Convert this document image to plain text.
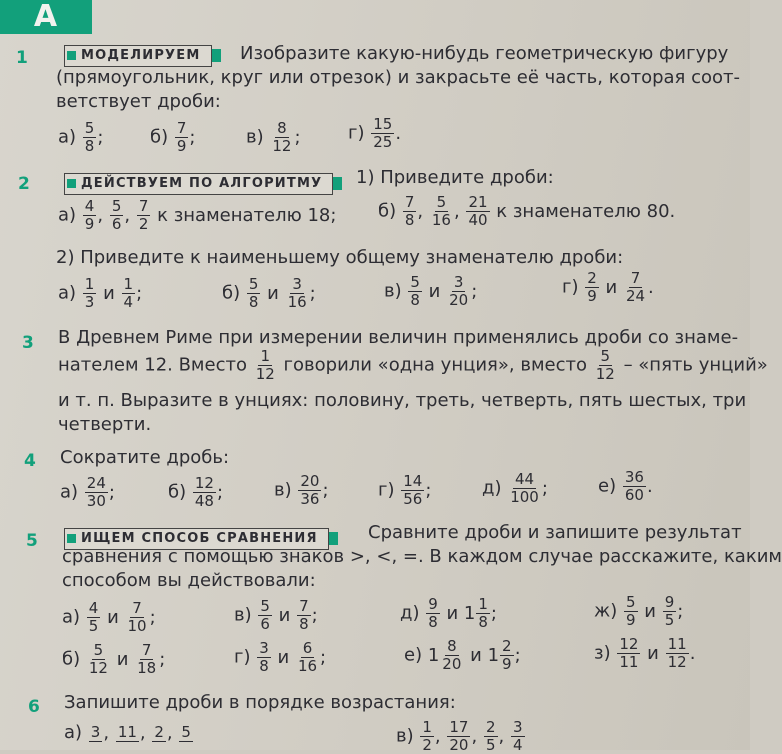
А
1	МОДЕЛИРУЕМ	Изобразите какую-нибудь геометрическую фигуру
(прямоугольник, круг или отрезок) и закрасьте её часть, которая соот-
ветствует дроби:
$а) \frac{5}{8}$ ;	$б) \frac{7}{9}$ ;	$в) \frac{8}{12}$ ;	$г) \frac{15}{25}$ .
2	ДЕЙСТВУЕМ ПО АЛГОРИТМУ	1) Приведите дроби:
$а) \frac{4}{9}$ , $\frac{5}{6}$ , $\frac{7}{2}$ к знаменателю 18; $б) \frac{7}{8}$ , $\frac{5}{16}$ , $\frac{21}{40}$ к знаменателю 80.
2) Приведите к наименьшему общему знаменателю дроби:
$а) \frac{1}{3}$ и $\frac{1}{4}$ ;	$б) \frac{5}{8}$ и $\frac{3}{16}$ ;	$в) \frac{5}{8}$ и $\frac{3}{20}$ ;	$г) \frac{2}{9}$ и $\frac{7}{24}$ .
3 В Древнем Риме при измерении величин применялись дроби со знаме-
нателем 12. Вместо $\frac{1}{12}$ говорили «одна унция», вместо $\frac{5}{12}$ – «пять унций»
и т. п. Выразите в унциях: половину, треть, четверть, пять шестых, три
четверти.
4 Сократите дробь:
$а) \frac{24}{30}$ ;	$б) \frac{12}{48}$ ;	$в) \frac{20}{36}$ ;	$г) \frac{14}{56}$ ;	$д) \frac{44}{100}$ ;	$е) \frac{36}{60}$ .
5	ИЩЕМ СПОСОБ СРАВНЕНИЯ	Сравните дроби и запишите результат
сравнения с помощью знаков >, <, =. В каждом случае расскажите, каким
способом вы действовали:
$а) \frac{4}{5}$ и $\frac{7}{10}$ ;
$б) \frac{5}{12}$ и $\frac{7}{18}$ ;
$в) \frac{5}{6}$ и $\frac{7}{8}$ ;
$г) \frac{3}{8}$ и $\frac{6}{16}$ ;
$д) \frac{9}{8}$ и $1 \frac{1}{8}$ ;
е) $1 \frac{8}{20}$ и $1 \frac{2}{9}$ ;
$ж) \frac{5}{9}$ и $\frac{9}{5}$ ;
$з) \frac{12}{11}$ и $\frac{11}{12}$ .
6 Запишите дроби в порядке возрастания:
а) 3 , 11 , 2 , 5	$в) \frac{1}{2}$ , $\frac{17}{20}$ , $\frac{2}{5}$ , $\frac{3}{4}$
